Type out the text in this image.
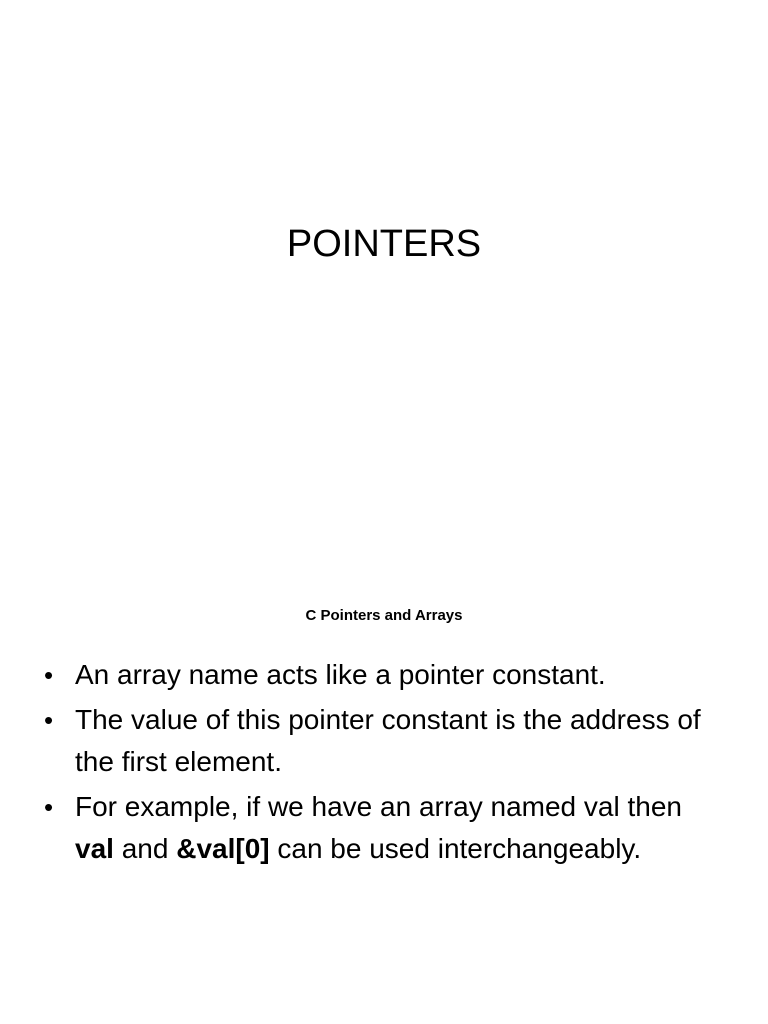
POINTERS
C Pointers and Arrays
• An array name acts like a pointer constant.
• The value of this pointer constant is the address of the first element.
• For example, if we have an array named val then val and &val[0] can be used interchangeably.
